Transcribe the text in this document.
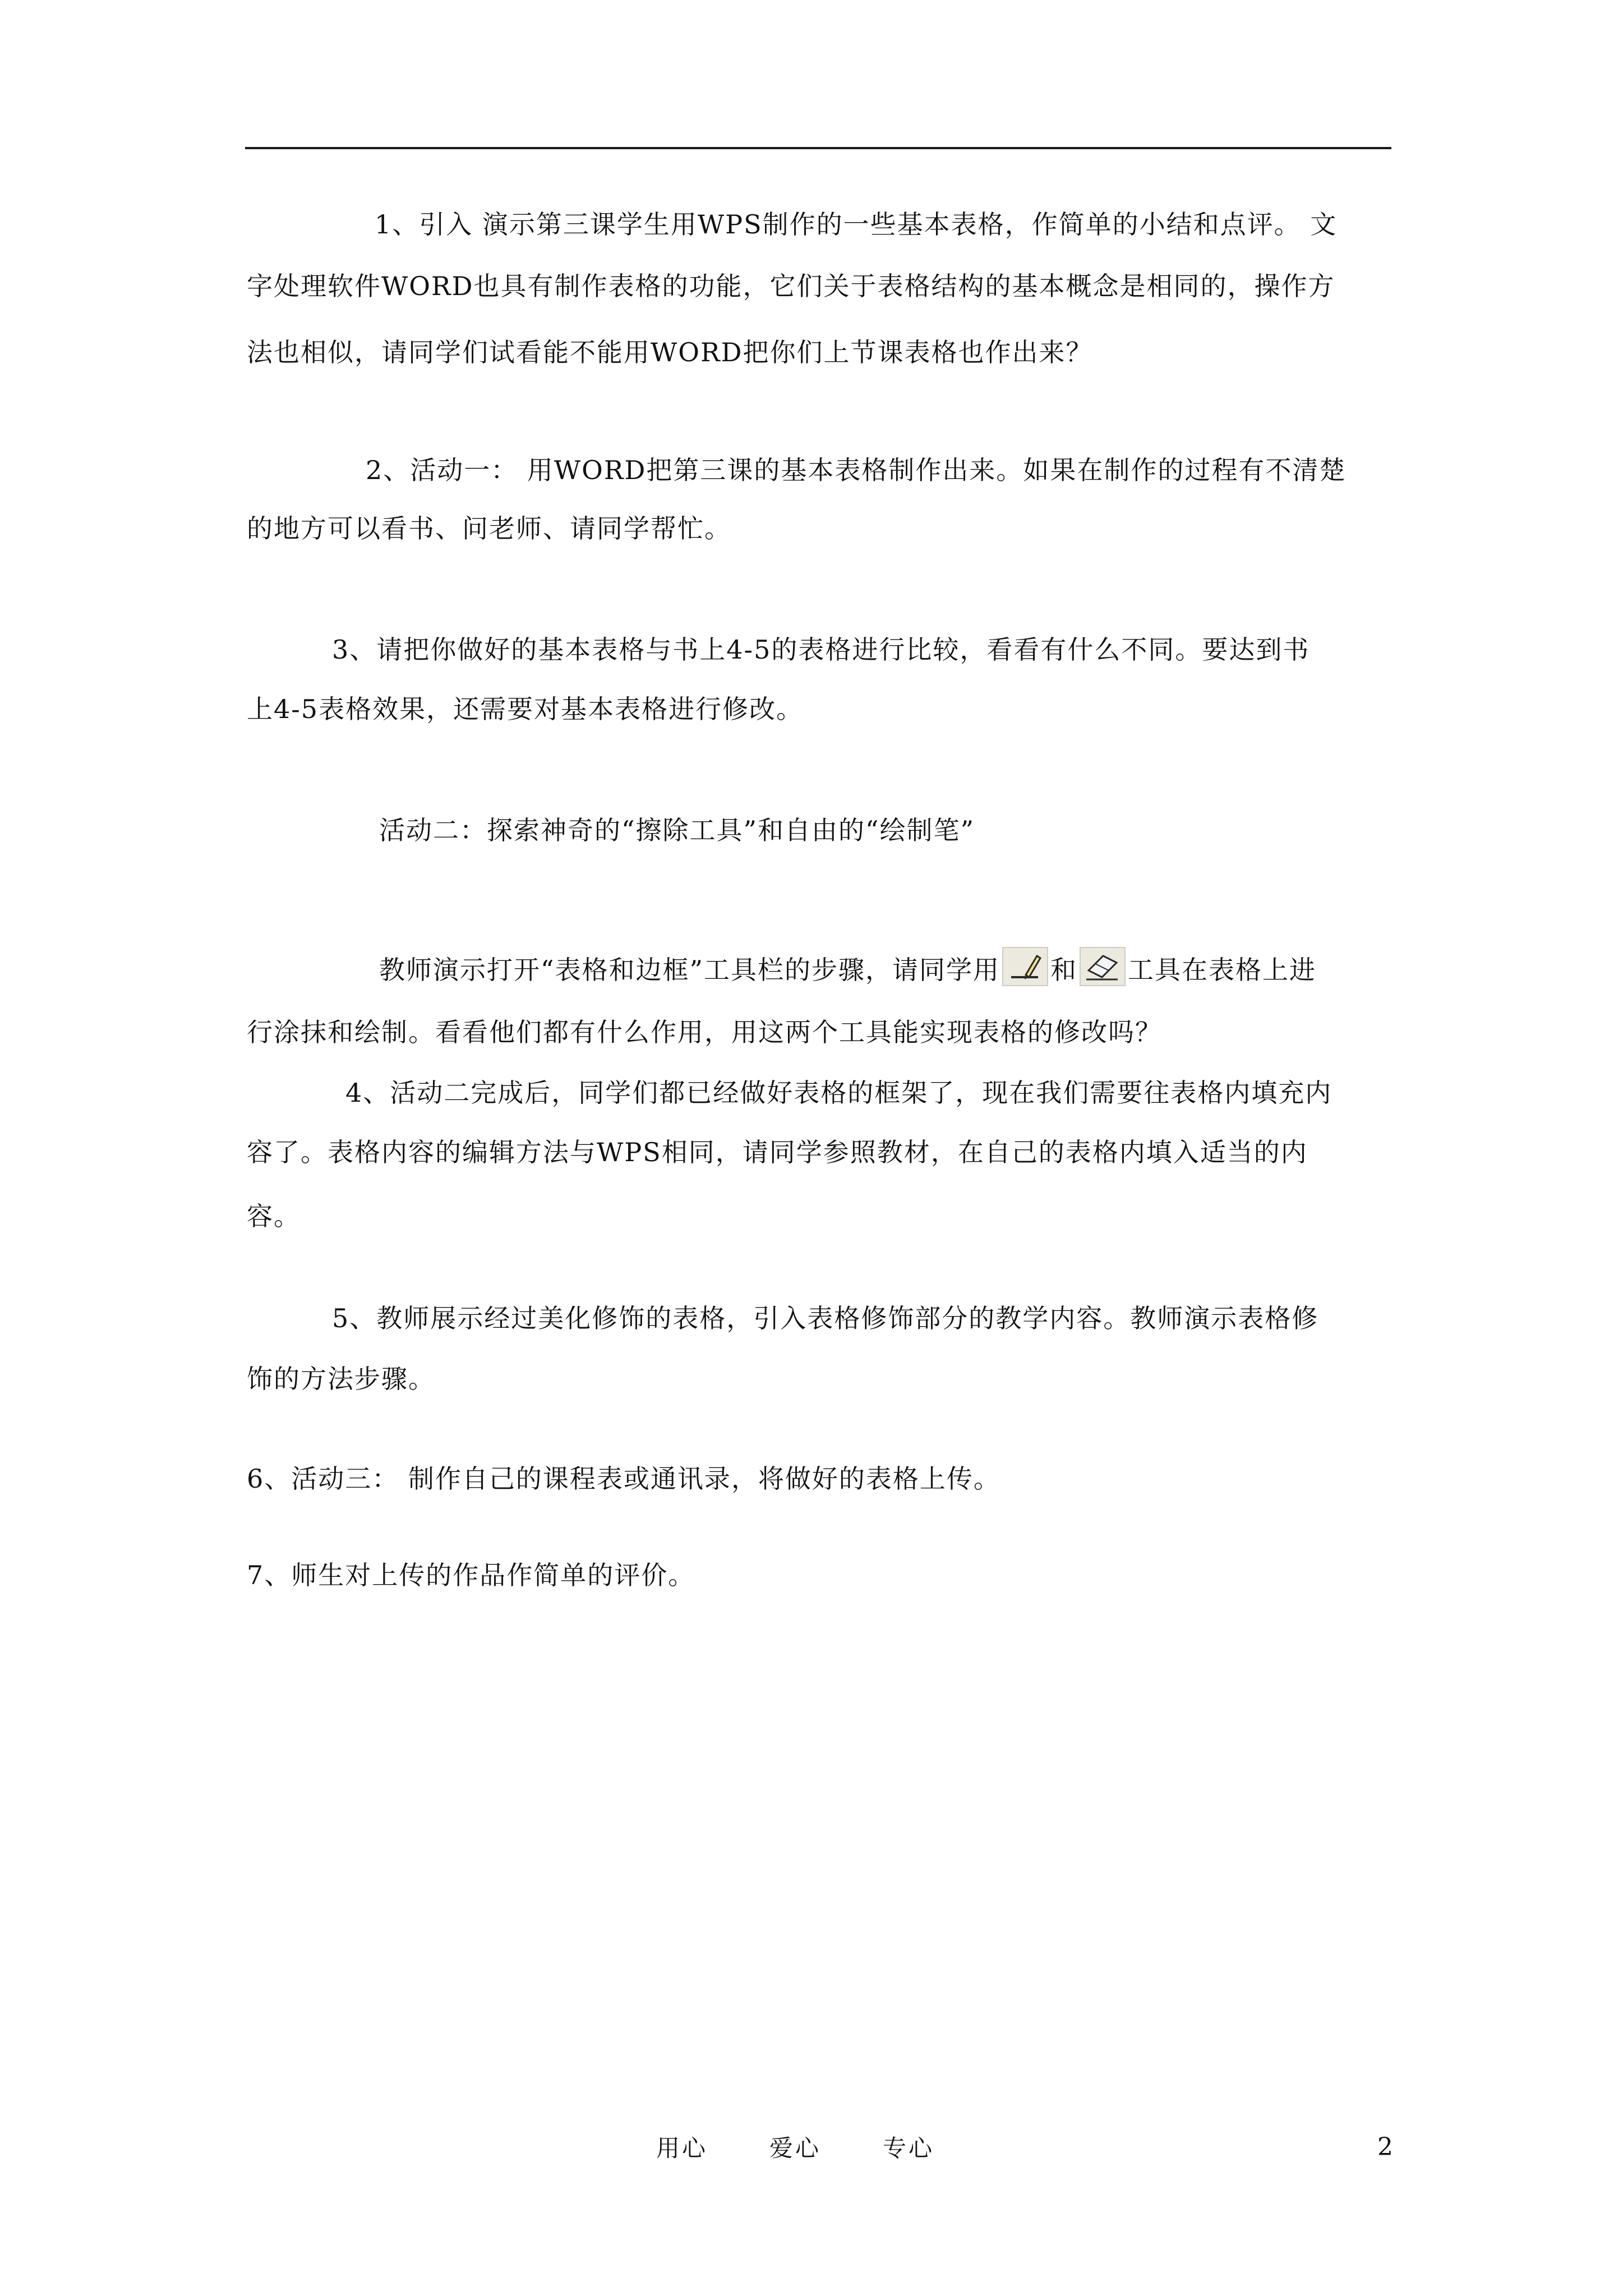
1、引入 演示第三课学生用WPS制作的一些基本表格，作简单的小结和点评。 文
字处理软件WORD也具有制作表格的功能，它们关于表格结构的基本概念是相同的，操作方
法也相似，请同学们试看能不能用WORD把你们上节课表格也作出来？
2、活动一： 用WORD把第三课的基本表格制作出来。如果在制作的过程有不清楚
的地方可以看书、问老师、请同学帮忙。
3、请把你做好的基本表格与书上4-5的表格进行比较，看看有什么不同。要达到书
上4-5表格效果，还需要对基本表格进行修改。
活动二：探索神奇的“擦除工具”和自由的“绘制笔”
教师演示打开“表格和边框”工具栏的步骤，请同学用 和 工具在表格上进
行涂抹和绘制。看看他们都有什么作用，用这两个工具能实现表格的修改吗？
4、活动二完成后，同学们都已经做好表格的框架了，现在我们需要往表格内填充内
容了。表格内容的编辑方法与WPS相同，请同学参照教材，在自己的表格内填入适当的内
容。
5、教师展示经过美化修饰的表格，引入表格修饰部分的教学内容。教师演示表格修
饰的方法步骤。
6、活动三： 制作自己的课程表或通讯录，将做好的表格上传。
7、师生对上传的作品作简单的评价。
用心	爱心	专心	2
